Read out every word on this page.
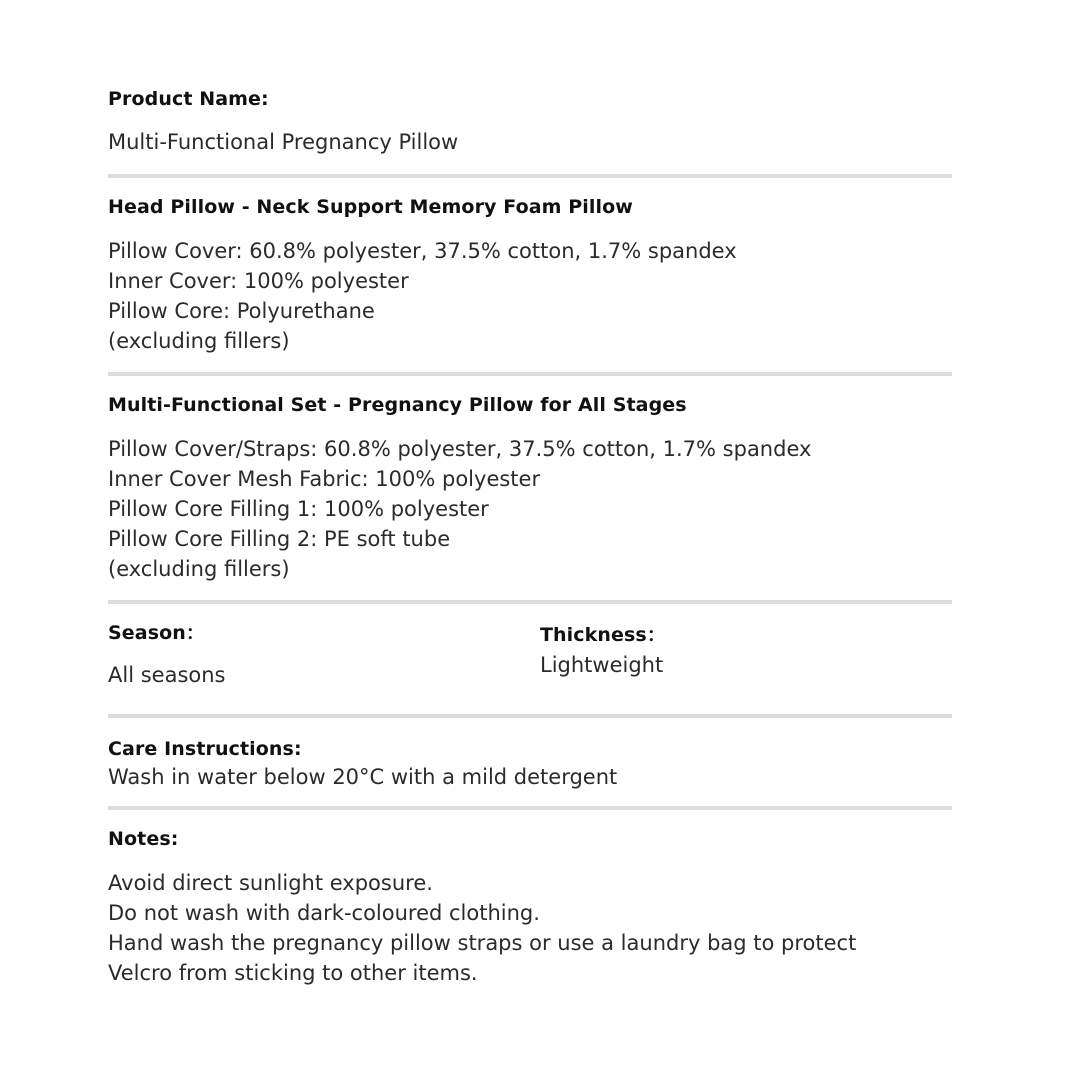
Product Name:
Multi-Functional Pregnancy Pillow
Head Pillow - Neck Support Memory Foam Pillow
Pillow Cover: 60.8% polyester, 37.5% cotton, 1.7% spandex
Inner Cover: 100% polyester
Pillow Core: Polyurethane
(excluding fillers)
Multi-Functional Set - Pregnancy Pillow for All Stages
Pillow Cover/Straps: 60.8% polyester, 37.5% cotton, 1.7% spandex
Inner Cover Mesh Fabric: 100% polyester
Pillow Core Filling 1: 100% polyester
Pillow Core Filling 2: PE soft tube
(excluding fillers)
Season：
All seasons
Thickness：
Lightweight
Care Instructions:
Wash in water below 20°C with a mild detergent
Notes:
Avoid direct sunlight exposure.
Do not wash with dark-coloured clothing.
Hand wash the pregnancy pillow straps or use a laundry bag to protect
Velcro from sticking to other items.
